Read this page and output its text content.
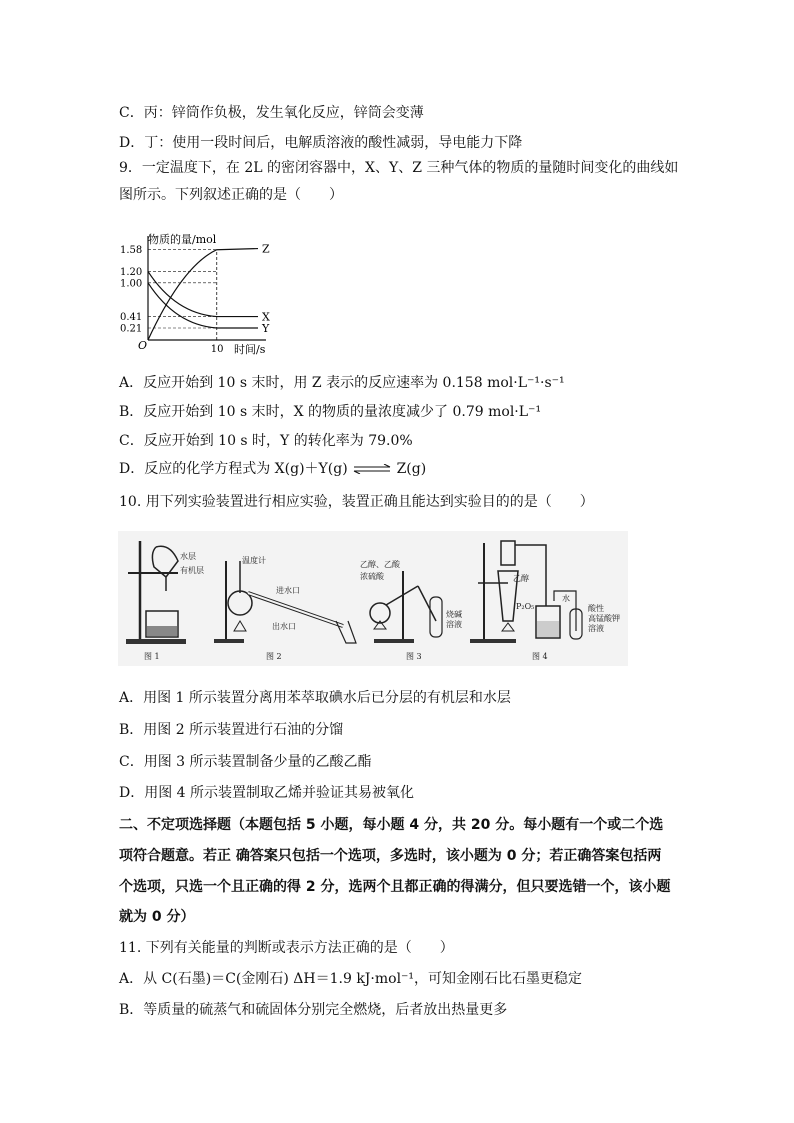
C．丙：锌筒作负极，发生氧化反应，锌筒会变薄
D．丁：使用一段时间后，电解质溶液的酸性减弱，导电能力下降
9．一定温度下，在 2L 的密闭容器中，X、Y、Z 三种气体的物质的量随时间变化的曲线如
图所示。下列叙述正确的是（　　）
物质的量/mol
时间/s
O
1.58
1.20
1.00
0.41
0.21
10
Z
X
Y
A．反应开始到 10 s 末时，用 Z 表示的反应速率为 0.158 mol·L⁻¹·s⁻¹
B．反应开始到 10 s 末时，X 的物质的量浓度减少了 0.79 mol·L⁻¹
C．反应开始到 10 s 时，Y 的转化率为 79.0%
D．反应的化学方程式为 X(g)＋Y(g) ⇌ Z(g)
10. 用下列实验装置进行相应实验，装置正确且能达到实验目的的是（　　）
水层
有机层
图 1
温度计
进水口
出水口
图 2
乙醇、乙酸
浓硫酸
烧碱
溶液
图 3
乙醇
P₂O₅
水
酸性
高锰酸钾
溶液
图 4
A．用图 1 所示装置分离用苯萃取碘水后已分层的有机层和水层
B．用图 2 所示装置进行石油的分馏
C．用图 3 所示装置制备少量的乙酸乙酯
D．用图 4 所示装置制取乙烯并验证其易被氧化
二、不定项选择题（本题包括 5 小题，每小题 4 分，共 20 分。每小题有一个或二个选
项符合题意。若正 确答案只包括一个选项，多选时，该小题为 0 分；若正确答案包括两
个选项，只选一个且正确的得 2 分，选两个且都正确的得满分，但只要选错一个，该小题
就为 0 分）
11. 下列有关能量的判断或表示方法正确的是（　　）
A．从 C(石墨)＝C(金刚石) ΔH＝1.9 kJ·mol⁻¹，可知金刚石比石墨更稳定
B．等质量的硫蒸气和硫固体分别完全燃烧，后者放出热量更多
